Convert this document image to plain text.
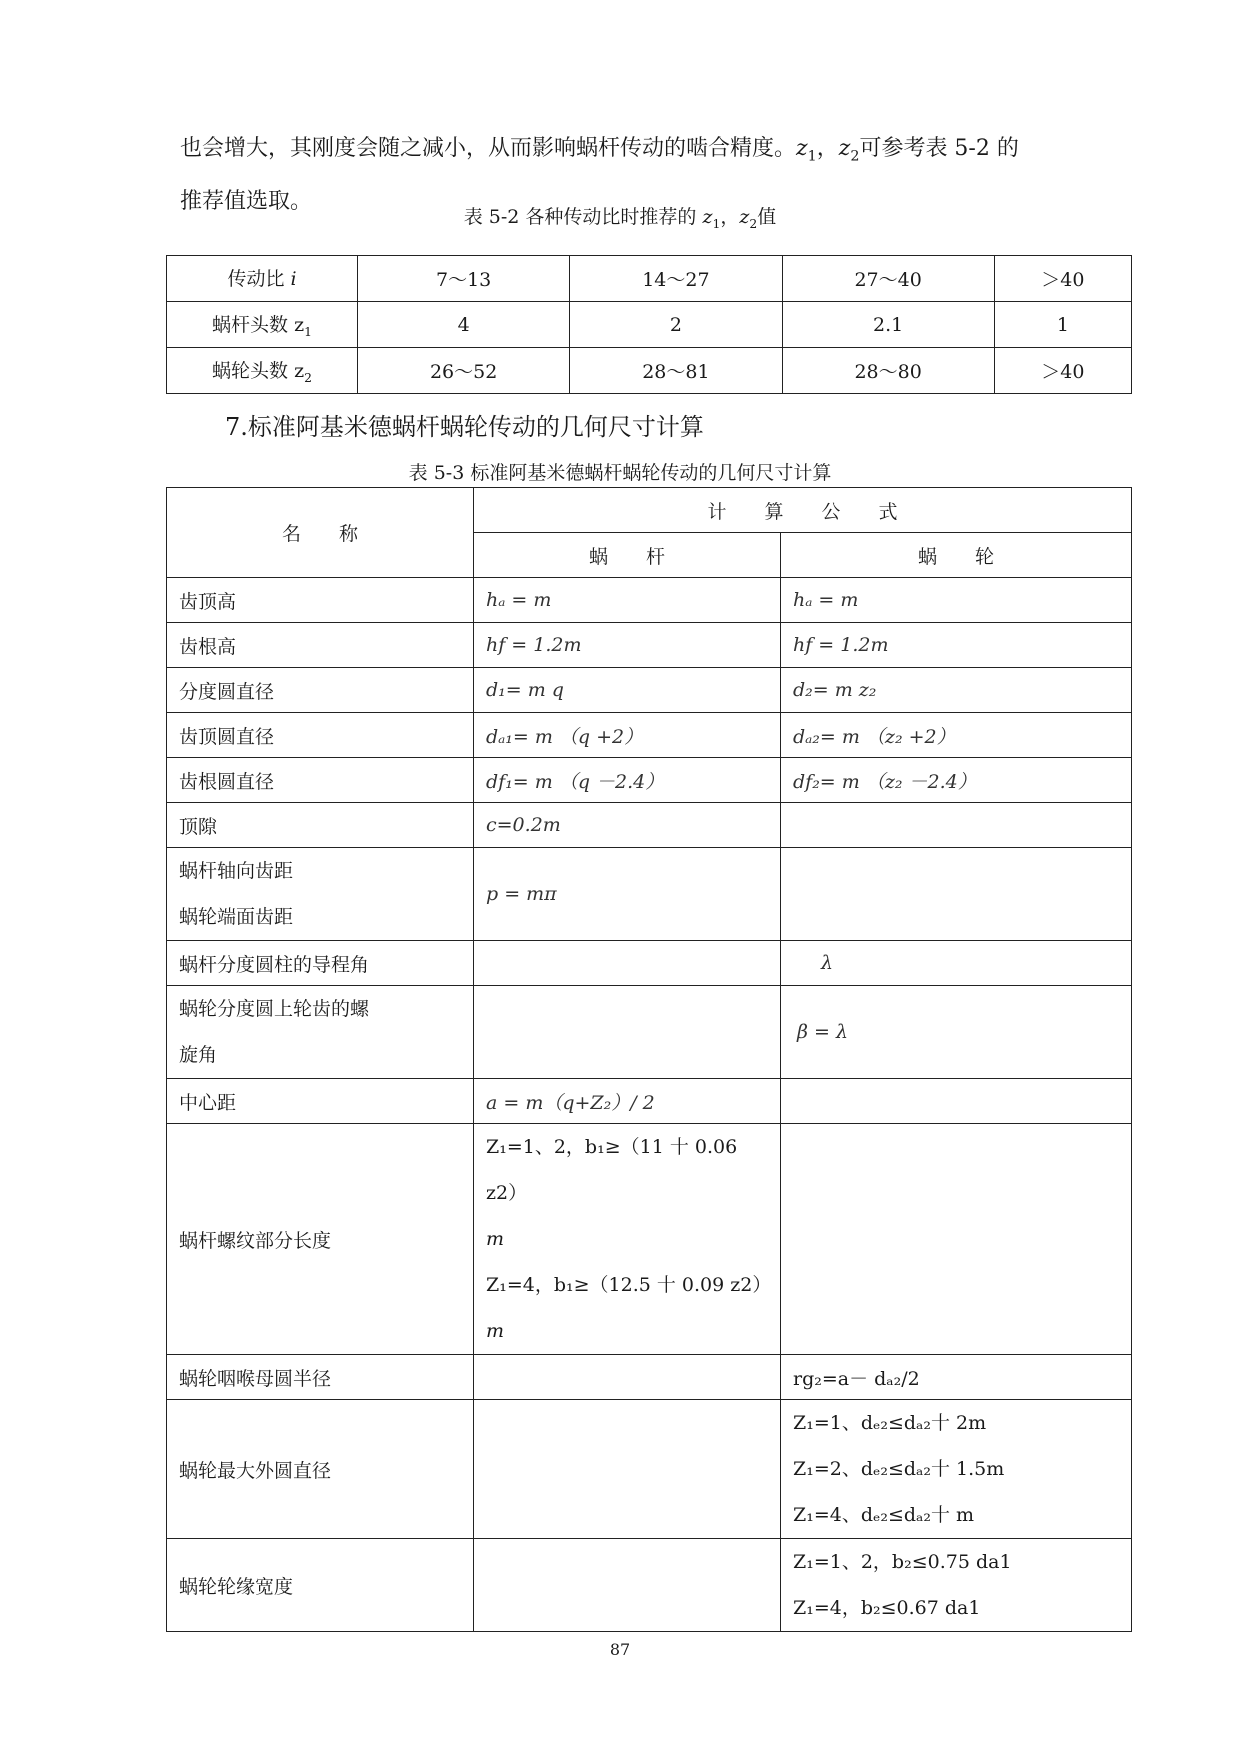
也会增大，其刚度会随之减小，从而影响蜗杆传动的啮合精度。$z_1$，$z_2$可参考表 5-2 的
推荐值选取。

表 5-2 各种传动比时推荐的 $z_1$，$z_2$值

传动比 i	7～13	14～27	27～40	＞40
蜗杆头数 $z_1$	4	2	2.1	1
蜗轮头数 $z_2$	26～52	28～81	28～80	＞40

7.标准阿基米德蜗杆蜗轮传动的几何尺寸计算

表 5-3 标准阿基米德蜗杆蜗轮传动的几何尺寸计算

名　　称	计　　算　　公　　式	
	蜗　　杆	蜗　　轮
齿顶高	hₐ = m	hₐ = m
齿根高	h𝑓 = 1.2m	h𝑓 = 1.2m
分度圆直径	d₁= m q	d₂= m z₂
齿顶圆直径	dₐ₁= m （q +2）	dₐ₂= m （z₂ +2）
齿根圆直径	d𝑓₁= m （q －2.4）	d𝑓₂= m （z₂ －2.4）
顶隙	c=0.2m	
蜗杆轴向齿距
蜗轮端面齿距	p = mπ	
蜗杆分度圆柱的导程角		λ
蜗轮分度圆上轮齿的螺
旋角		β = λ
中心距	a = m（q+Z₂）/ 2	
蜗杆螺纹部分长度	Z₁=1、2，b₁≥（11 十 0.06 z2）
m
Z₁=4，b₁≥（12.5 十 0.09 z2）
m	
蜗轮咽喉母圆半径		rg₂=a－ dₐ₂/2
蜗轮最大外圆直径		Z₁=1、dₑ₂≤dₐ₂十 2m
Z₁=2、dₑ₂≤dₐ₂十 1.5m
Z₁=4、dₑ₂≤dₐ₂十 m
蜗轮轮缘宽度		Z₁=1、2，b₂≤0.75 da1
Z₁=4，b₂≤0.67 da1

87
